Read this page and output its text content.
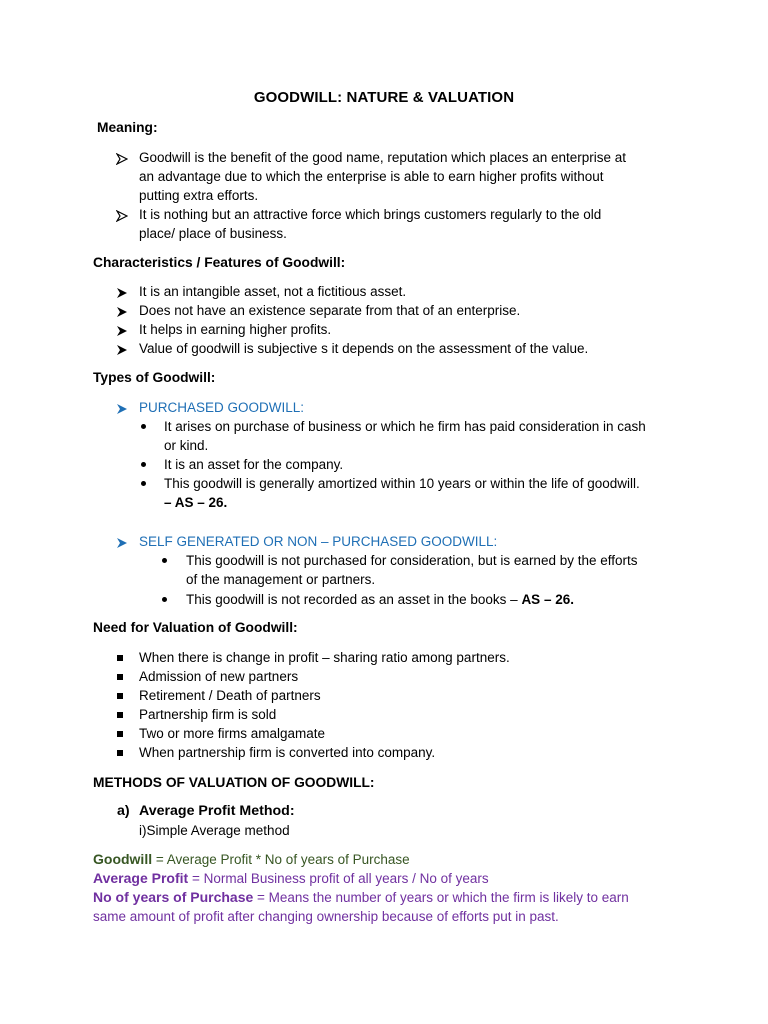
GOODWILL: NATURE & VALUATION
Meaning:
Goodwill is the benefit of the good name, reputation which places an enterprise at
an advantage due to which the enterprise is able to earn higher profits without
putting extra efforts.
It is nothing but an attractive force which brings customers regularly to the old
place/ place of business.
Characteristics / Features of Goodwill:
It is an intangible asset, not a fictitious asset.
Does not have an existence separate from that of an enterprise.
It helps in earning higher profits.
Value of goodwill is subjective s it depends on the assessment of the value.
Types of Goodwill:
PURCHASED GOODWILL:
It arises on purchase of business or which he firm has paid consideration in cash
or kind.
It is an asset for the company.
This goodwill is generally amortized within 10 years or within the life of goodwill.
– AS – 26.
SELF GENERATED OR NON – PURCHASED GOODWILL:
This goodwill is not purchased for consideration, but is earned by the efforts
of the management or partners.
This goodwill is not recorded as an asset in the books – AS – 26.
Need for Valuation of Goodwill:
When there is change in profit – sharing ratio among partners.
Admission of new partners
Retirement / Death of partners
Partnership firm is sold
Two or more firms amalgamate
When partnership firm is converted into company.
METHODS OF VALUATION OF GOODWILL:
a) Average Profit Method:
i)Simple Average method
Goodwill = Average Profit * No of years of Purchase
Average Profit = Normal Business profit of all years / No of years
No of years of Purchase = Means the number of years or which the firm is likely to earn
same amount of profit after changing ownership because of efforts put in past.
